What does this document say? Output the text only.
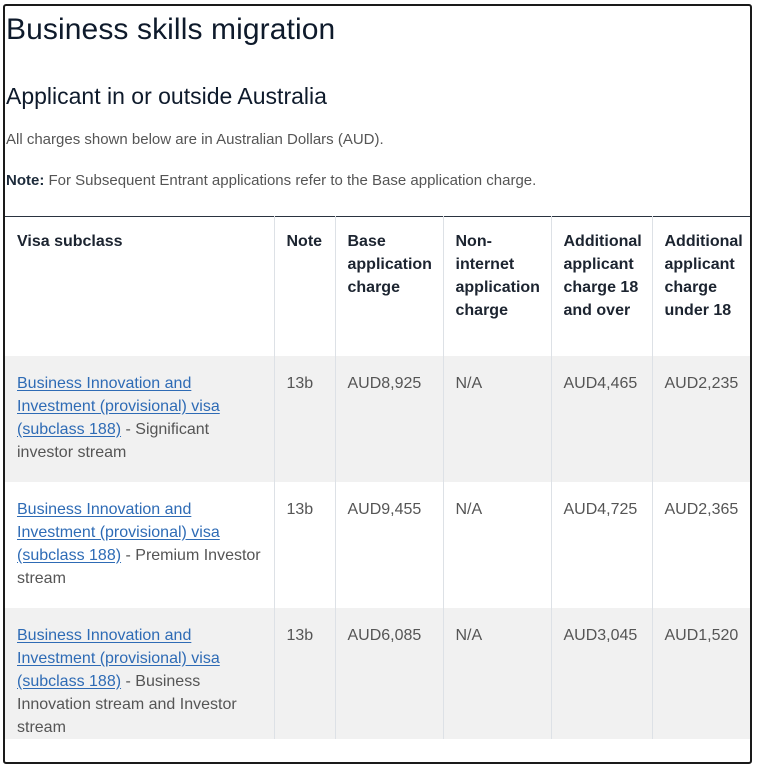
Business skills migration
Applicant in or outside Australia

All charges shown below are in Australian Dollars (AUD).

Note: For Subsequent Entrant applications refer to the Base application charge.

Visa subclass	Note	Base application charge	Non-internet application charge	Additional applicant charge 18 and over	Additional applicant charge under 18
Business Innovation and Investment (provisional) visa (subclass 188) - Significant investor stream	13b	AUD8,925	N/A	AUD4,465	AUD2,235
Business Innovation and Investment (provisional) visa (subclass 188) - Premium Investor stream	13b	AUD9,455	N/A	AUD4,725	AUD2,365
Business Innovation and Investment (provisional) visa (subclass 188) - Business Innovation stream and Investor stream	13b	AUD6,085	N/A	AUD3,045	AUD1,520
